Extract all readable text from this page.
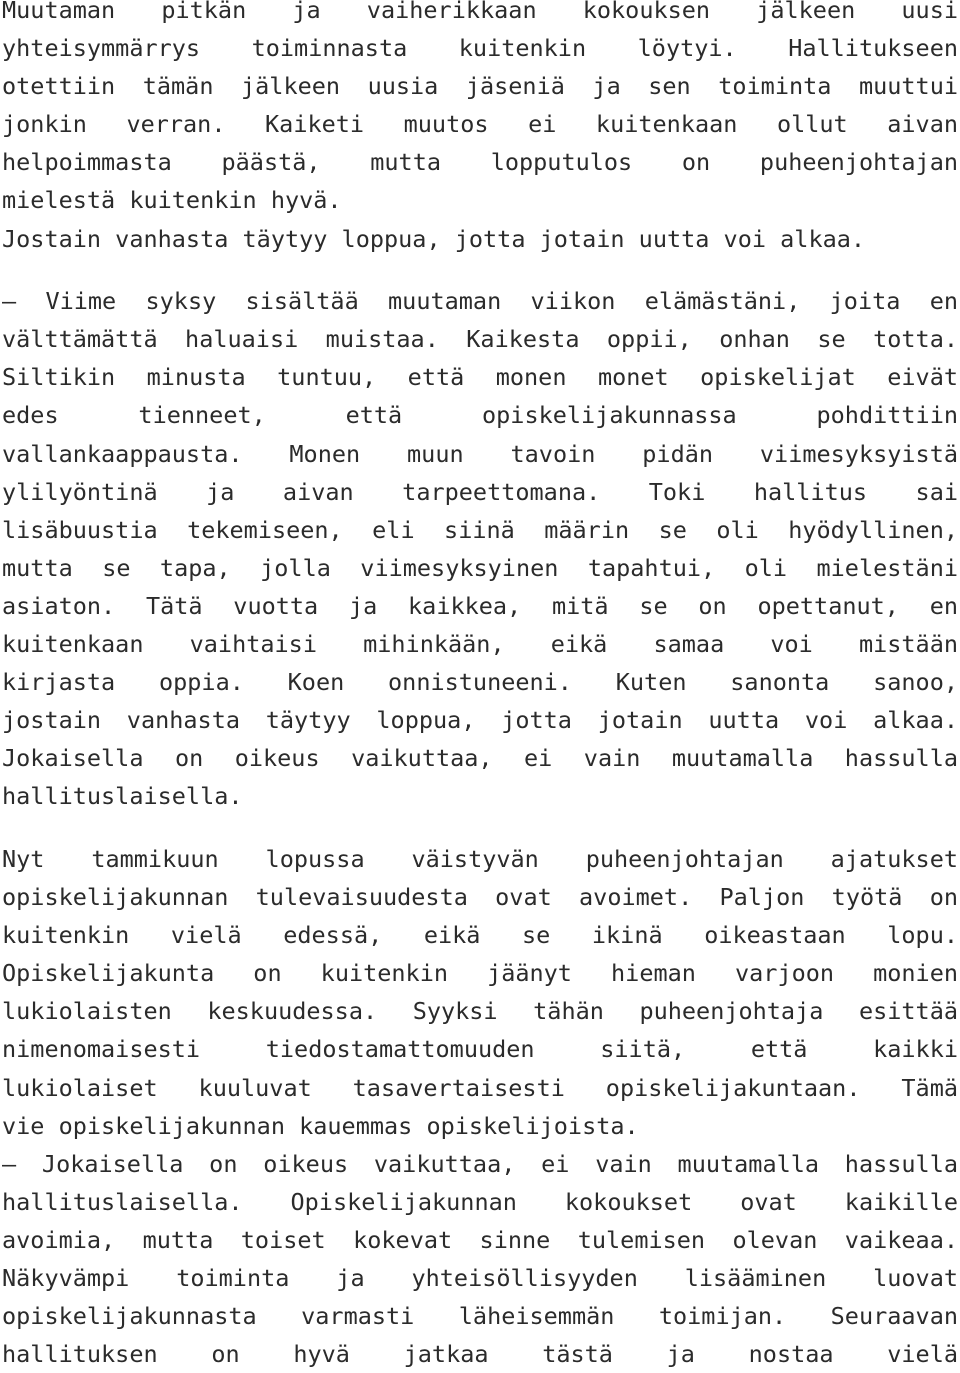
Muutaman pitkän ja vaiherikkaan kokouksen jälkeen uusi
yhteisymmärrys toiminnasta kuitenkin löytyi. Hallitukseen
otettiin tämän jälkeen uusia jäseniä ja sen toiminta muuttui
jonkin verran. Kaiketi muutos ei kuitenkaan ollut aivan
helpoimmasta päästä, mutta lopputulos on puheenjohtajan
mielestä kuitenkin hyvä.
Jostain vanhasta täytyy loppua, jotta jotain uutta voi alkaa.
– Viime syksy sisältää muutaman viikon elämästäni, joita en
välttämättä haluaisi muistaa. Kaikesta oppii, onhan se totta.
Siltikin minusta tuntuu, että monen monet opiskelijat eivät
edes tienneet, että opiskelijakunnassa pohdittiin
vallankaappausta. Monen muun tavoin pidän viimesyksyistä
ylilyöntinä ja aivan tarpeettomana. Toki hallitus sai
lisäbuustia tekemiseen, eli siinä määrin se oli hyödyllinen,
mutta se tapa, jolla viimesyksyinen tapahtui, oli mielestäni
asiaton. Tätä vuotta ja kaikkea, mitä se on opettanut, en
kuitenkaan vaihtaisi mihinkään, eikä samaa voi mistään
kirjasta oppia. Koen onnistuneeni. Kuten sanonta sanoo,
jostain vanhasta täytyy loppua, jotta jotain uutta voi alkaa.
Jokaisella on oikeus vaikuttaa, ei vain muutamalla hassulla
hallituslaisella.
Nyt tammikuun lopussa väistyvän puheenjohtajan ajatukset
opiskelijakunnan tulevaisuudesta ovat avoimet. Paljon työtä on
kuitenkin vielä edessä, eikä se ikinä oikeastaan lopu.
Opiskelijakunta on kuitenkin jäänyt hieman varjoon monien
lukiolaisten keskuudessa. Syyksi tähän puheenjohtaja esittää
nimenomaisesti tiedostamattomuuden siitä, että kaikki
lukiolaiset kuuluvat tasavertaisesti opiskelijakuntaan. Tämä
vie opiskelijakunnan kauemmas opiskelijoista.
– Jokaisella on oikeus vaikuttaa, ei vain muutamalla hassulla
hallituslaisella. Opiskelijakunnan kokoukset ovat kaikille
avoimia, mutta toiset kokevat sinne tulemisen olevan vaikeaa.
Näkyvämpi toiminta ja yhteisöllisyyden lisääminen luovat
opiskelijakunnasta varmasti läheisemmän toimijan. Seuraavan
hallituksen on hyvä jatkaa tästä ja nostaa vielä
